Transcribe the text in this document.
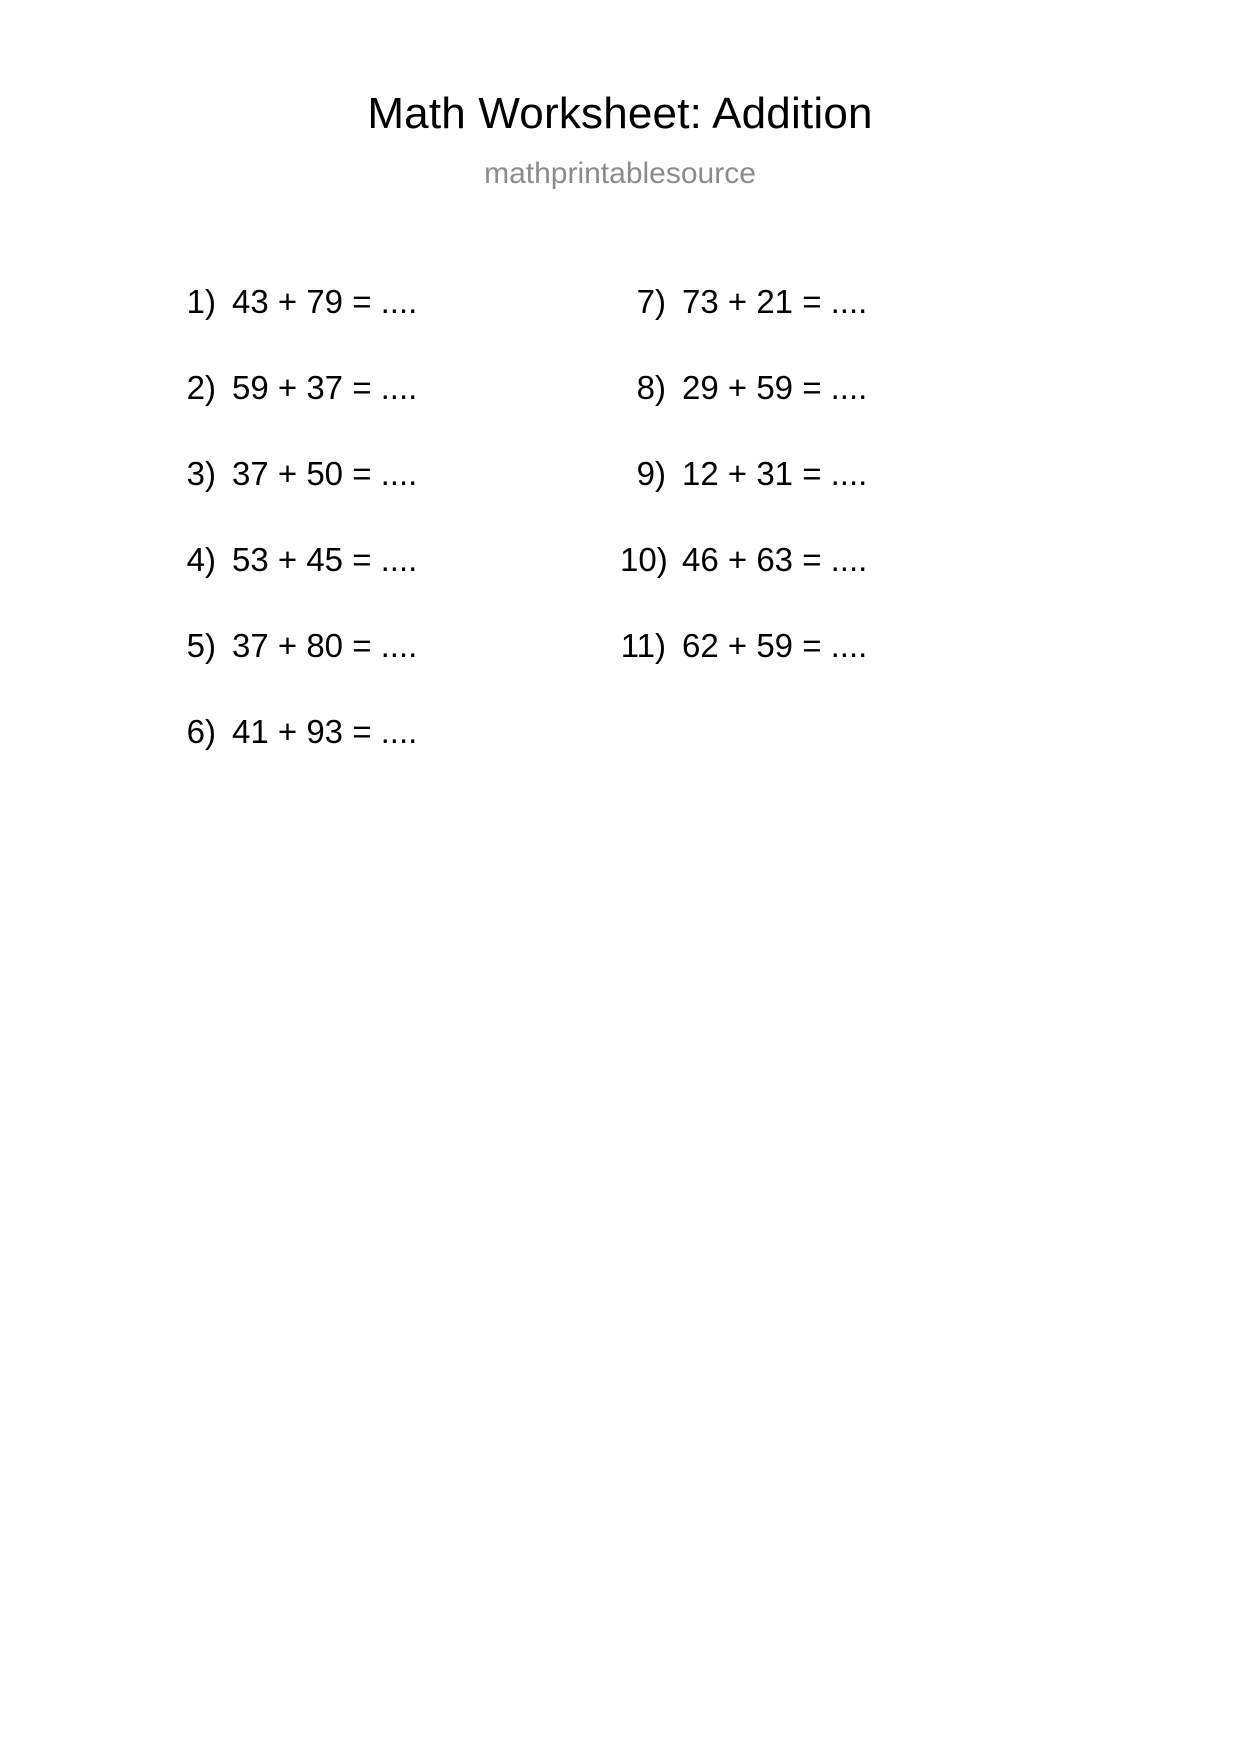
Math Worksheet: Addition
mathprintablesource
1) 43 + 79 = ....
2) 59 + 37 = ....
3) 37 + 50 = ....
4) 53 + 45 = ....
5) 37 + 80 = ....
6) 41 + 93 = ....
7) 73 + 21 = ....
8) 29 + 59 = ....
9) 12 + 31 = ....
10) 46 + 63 = ....
11) 62 + 59 = ....
